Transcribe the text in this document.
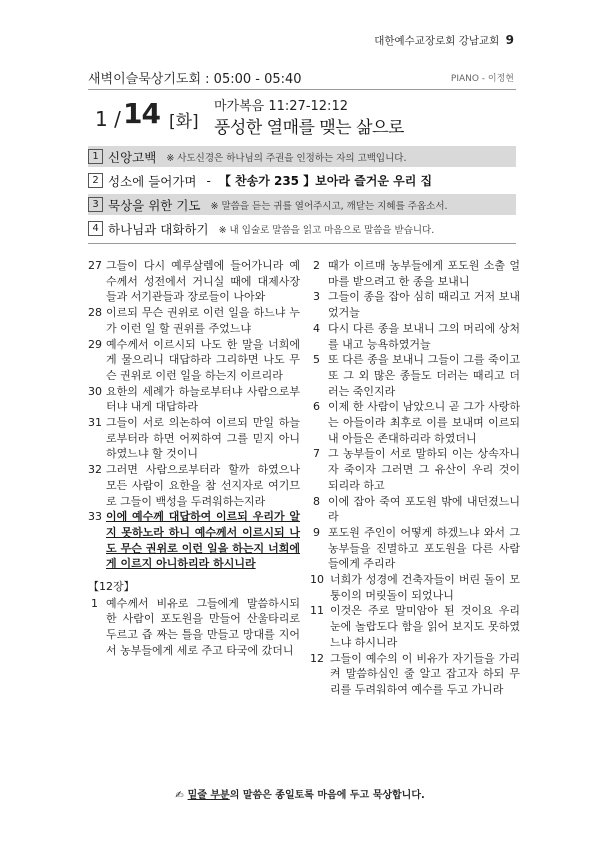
대한예수교장로회 강남교회 9
새벽이슬묵상기도회 : 05:00 - 05:40	PIANO - 이정현
1 / 14 [화]
마가복음 11:27-12:12
풍성한 열매를 맺는 삶으로
1 신앙고백 ※ 사도신경은 하나님의 주권을 인정하는 자의 고백입니다.
2 성소에 들어가며 - 【 찬송가 235 】보아라 즐거운 우리 집
3 묵상을 위한 기도 ※ 말씀을 듣는 귀를 열어주시고, 깨닫는 지혜를 주옵소서.
4 하나님과 대화하기 ※ 내 입술로 말씀을 읽고 마음으로 말씀을 받습니다.
27 그들이 다시 예루살렘에 들어가니라 예수께서 성전에서 거니실 때에 대제사장들과 서기관들과 장로들이 나아와
28 이르되 무슨 권위로 이런 일을 하느냐 누가 이런 일 할 권위를 주었느냐
29 예수께서 이르시되 나도 한 말을 너희에게 물으리니 대답하라 그리하면 나도 무슨 권위로 이런 일을 하는지 이르리라
30 요한의 세례가 하늘로부터냐 사람으로부터냐 내게 대답하라
31 그들이 서로 의논하여 이르되 만일 하늘로부터라 하면 어찌하여 그를 믿지 아니하였느냐 할 것이니
32 그러면 사람으로부터라 할까 하였으나 모든 사람이 요한을 참 선지자로 여기므로 그들이 백성을 두려워하는지라
33 이에 예수께 대답하여 이르되 우리가 알지 못하노라 하니 예수께서 이르시되 나도 무슨 권위로 이런 일을 하는지 너희에게 이르지 아니하리라 하시니라
【12장】
1 예수께서 비유로 그들에게 말씀하시되 한 사람이 포도원을 만들어 산울타리로 두르고 즙 짜는 틀을 만들고 망대를 지어서 농부들에게 세로 주고 타국에 갔더니
2 때가 이르매 농부들에게 포도원 소출 얼마를 받으려고 한 종을 보내니
3 그들이 종을 잡아 심히 때리고 거저 보내었거늘
4 다시 다른 종을 보내니 그의 머리에 상처를 내고 능욕하였거늘
5 또 다른 종을 보내니 그들이 그를 죽이고 또 그 외 많은 종들도 더러는 때리고 더러는 죽인지라
6 이제 한 사람이 남았으니 곧 그가 사랑하는 아들이라 최후로 이를 보내며 이르되 내 아들은 존대하리라 하였더니
7 그 농부들이 서로 말하되 이는 상속자니 자 죽이자 그러면 그 유산이 우리 것이 되리라 하고
8 이에 잡아 죽여 포도원 밖에 내던졌느니라
9 포도원 주인이 어떻게 하겠느냐 와서 그 농부들을 진멸하고 포도원을 다른 사람들에게 주리라
10 너희가 성경에 건축자들이 버린 돌이 모퉁이의 머릿돌이 되었나니
11 이것은 주로 말미암아 된 것이요 우리 눈에 놀랍도다 함을 읽어 보지도 못하였느냐 하시니라
12 그들이 예수의 이 비유가 자기들을 가리켜 말씀하심인 줄 알고 잡고자 하되 무리를 두려워하여 예수를 두고 가니라
✍ 밑줄 부분의 말씀은 종일토록 마음에 두고 묵상합니다.
